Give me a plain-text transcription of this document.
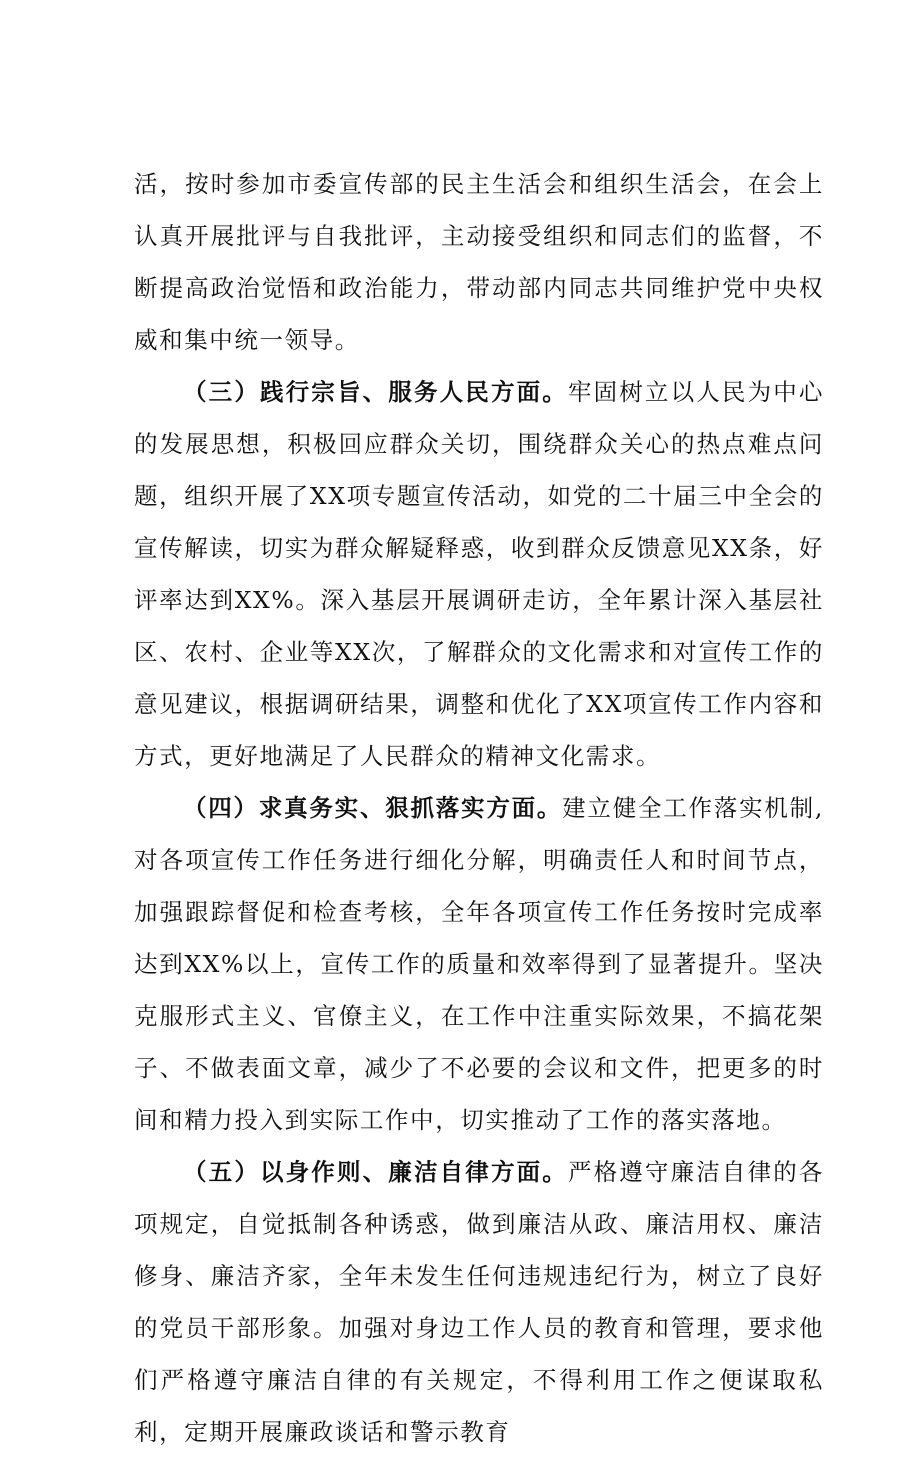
活，按时参加市委宣传部的民主生活会和组织生活会，在会上认真开展批评与自我批评，主动接受组织和同志们的监督，不断提高政治觉悟和政治能力，带动部内同志共同维护党中央权威和集中统一领导。

（三）践行宗旨、服务人民方面。牢固树立以人民为中心的发展思想，积极回应群众关切，围绕群众关心的热点难点问题，组织开展了XX项专题宣传活动，如党的二十届三中全会的宣传解读，切实为群众解疑释惑，收到群众反馈意见XX条，好评率达到XX%。深入基层开展调研走访，全年累计深入基层社区、农村、企业等XX次，了解群众的文化需求和对宣传工作的意见建议，根据调研结果，调整和优化了XX项宣传工作内容和方式，更好地满足了人民群众的精神文化需求。

（四）求真务实、狠抓落实方面。建立健全工作落实机制,对各项宣传工作任务进行细化分解，明确责任人和时间节点，加强跟踪督促和检查考核，全年各项宣传工作任务按时完成率达到XX%以上，宣传工作的质量和效率得到了显著提升。坚决克服形式主义、官僚主义，在工作中注重实际效果，不搞花架子、不做表面文章，减少了不必要的会议和文件，把更多的时间和精力投入到实际工作中，切实推动了工作的落实落地。

（五）以身作则、廉洁自律方面。严格遵守廉洁自律的各项规定，自觉抵制各种诱惑，做到廉洁从政、廉洁用权、廉洁修身、廉洁齐家，全年未发生任何违规违纪行为，树立了良好的党员干部形象。加强对身边工作人员的教育和管理，要求他们严格遵守廉洁自律的有关规定，不得利用工作之便谋取私利，定期开展廉政谈话和警示教育
